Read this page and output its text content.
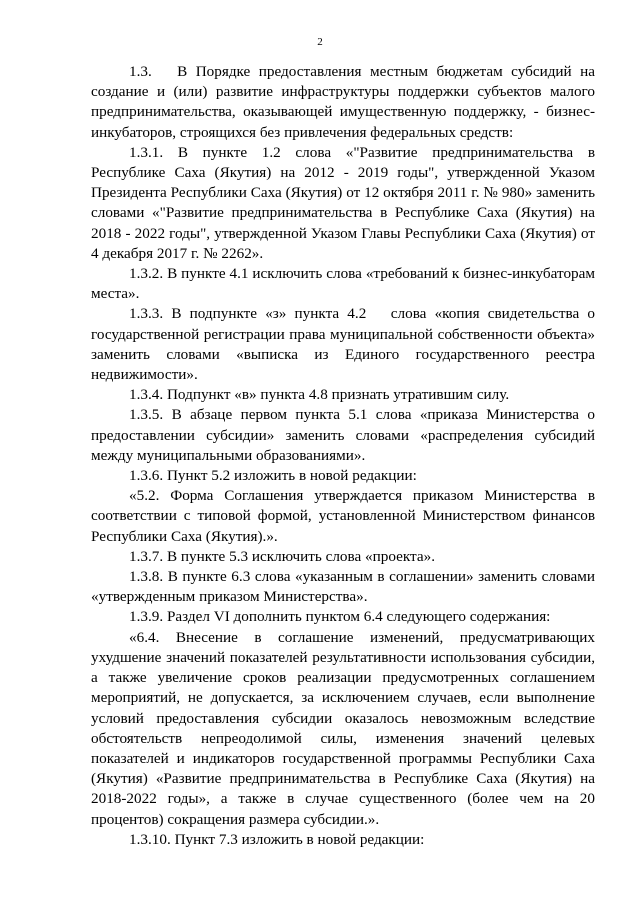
2

1.3.   В Порядке предоставления местным бюджетам субсидий на создание и (или) развитие инфраструктуры поддержки субъектов малого предпринимательства, оказывающей имущественную поддержку, - бизнес-инкубаторов, строящихся без привлечения федеральных средств:

1.3.1. В пункте 1.2 слова «"Развитие предпринимательства в Республике Саха (Якутия) на 2012 - 2019 годы", утвержденной Указом Президента Республики Саха (Якутия) от 12 октября 2011 г. № 980» заменить словами «"Развитие предпринимательства в Республике Саха (Якутия) на 2018 - 2022 годы", утвержденной Указом Главы Республики Саха (Якутия) от 4 декабря 2017 г. № 2262».

1.3.2. В пункте 4.1 исключить слова «требований к бизнес-инкубаторам места».

1.3.3. В подпункте «з» пункта 4.2   слова «копия свидетельства о государственной регистрации права муниципальной собственности объекта» заменить словами «выписка из Единого государственного реестра недвижимости».

1.3.4. Подпункт «в» пункта 4.8 признать утратившим силу.

1.3.5. В абзаце первом пункта 5.1 слова «приказа Министерства о предоставлении субсидии» заменить словами «распределения субсидий между муниципальными образованиями».

1.3.6. Пункт 5.2 изложить в новой редакции:

«5.2. Форма Соглашения утверждается приказом Министерства в соответствии с типовой формой, установленной Министерством финансов Республики Саха (Якутия).».

1.3.7. В пункте 5.3 исключить слова «проекта».

1.3.8. В пункте 6.3 слова «указанным в соглашении» заменить словами «утвержденным приказом Министерства».

1.3.9. Раздел VI дополнить пунктом 6.4 следующего содержания:

«6.4. Внесение в соглашение изменений, предусматривающих ухудшение значений показателей результативности использования субсидии, а также увеличение сроков реализации предусмотренных соглашением мероприятий, не допускается, за исключением случаев, если выполнение условий предоставления субсидии оказалось невозможным вследствие обстоятельств непреодолимой силы, изменения значений целевых показателей и индикаторов государственной программы Республики Саха (Якутия) «Развитие предпринимательства в Республике Саха (Якутия) на 2018-2022 годы», а также в случае существенного (более чем на 20 процентов) сокращения размера субсидии.».

1.3.10. Пункт 7.3 изложить в новой редакции:
